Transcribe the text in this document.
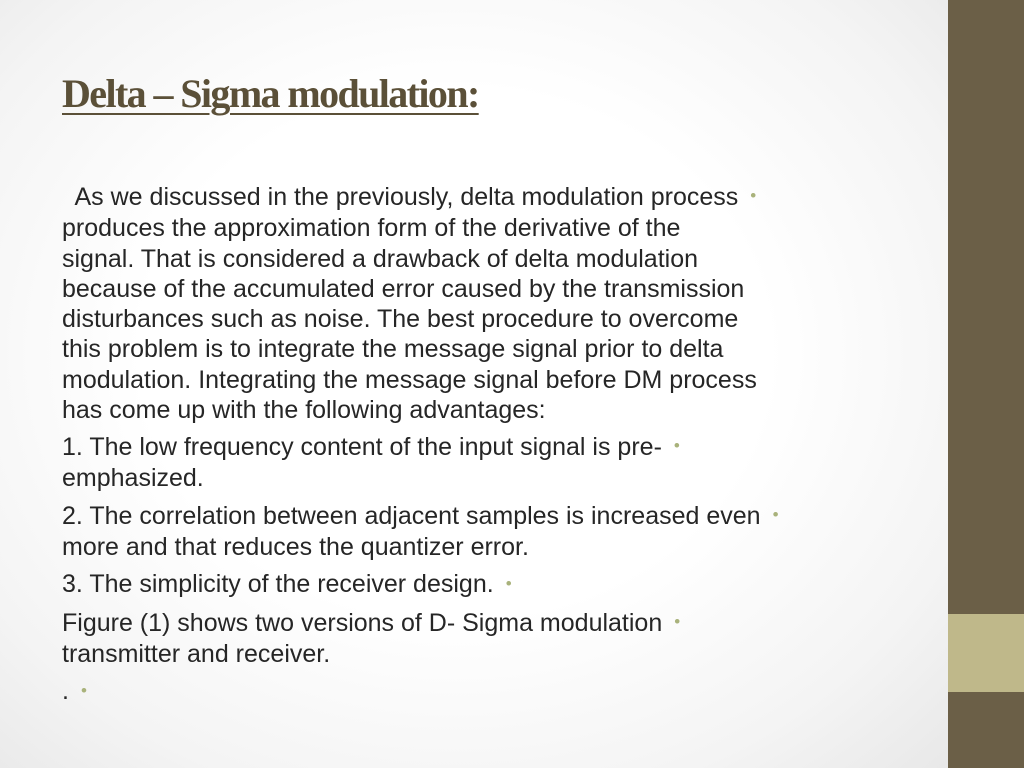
Delta – Sigma modulation:

As we discussed in the previously, delta modulation process •
produces the approximation form of the derivative of the
signal. That is considered a drawback of delta modulation
because of the accumulated error caused by the transmission
disturbances such as noise. The best procedure to overcome
this problem is to integrate the message signal prior to delta
modulation. Integrating the message signal before DM process
has come up with the following advantages:

1. The low frequency content of the input signal is pre- •
emphasized.

2. The correlation between adjacent samples is increased even •
more and that reduces the quantizer error.

3. The simplicity of the receiver design. •

Figure (1) shows two versions of D- Sigma modulation •
transmitter and receiver.

. •
